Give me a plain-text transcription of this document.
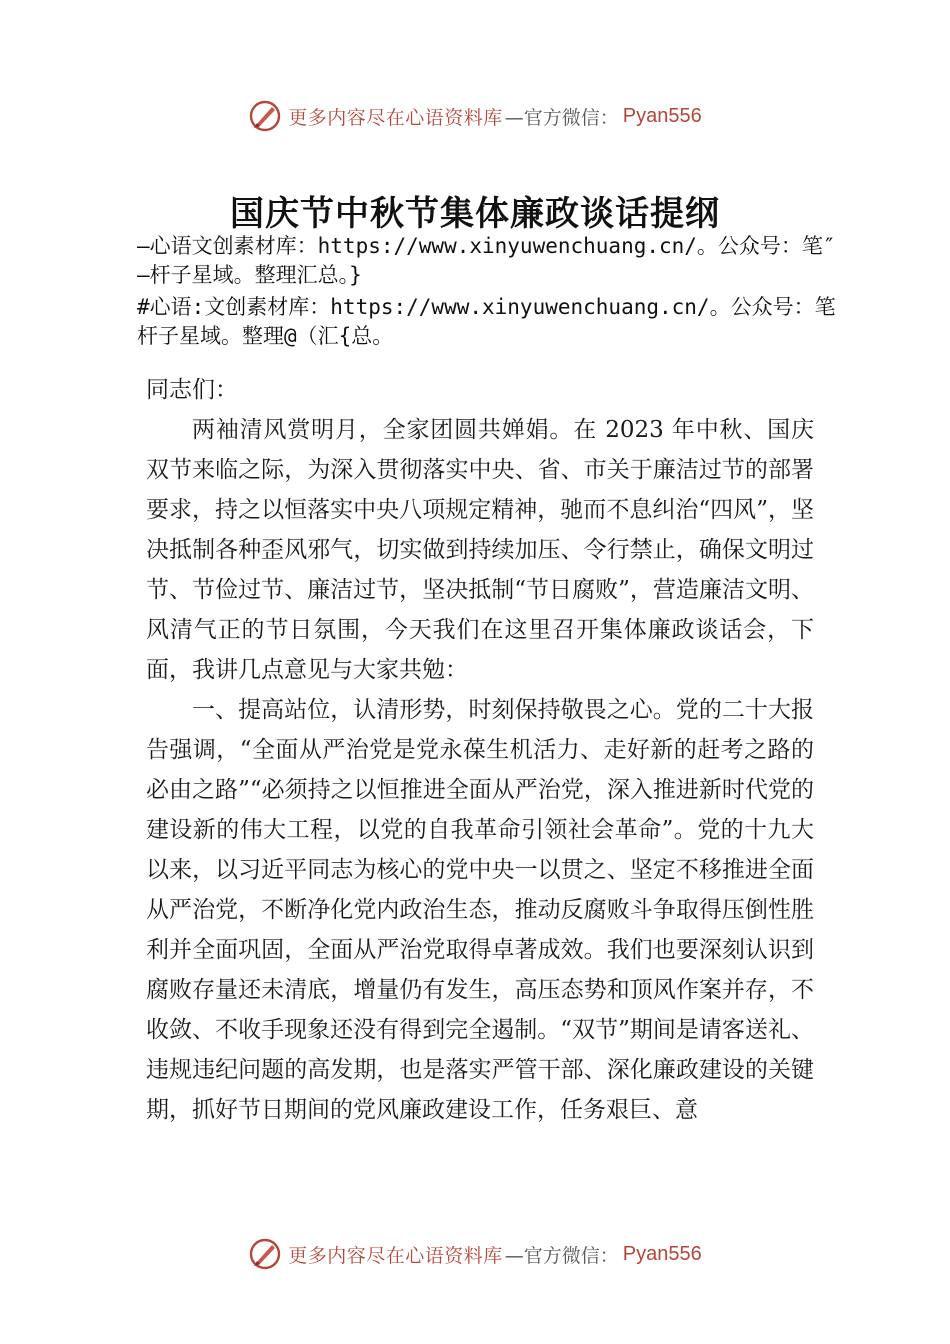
更多内容尽在心语资料库 —官方微信： Pyan556
国庆节中秋节集体廉政谈话提纲

—心语文创素材库：https://www.xinyuwenchuang.cn/。公众号：笔″—杆子星域。整理汇总。}

#心语:文创素材库：https://www.xinyuwenchuang.cn/。公众号：笔杆子星域。整理@（汇{总。

同志们：

两袖清风赏明月，全家团圆共婵娟。在 2023 年中秋、国庆双节来临之际，为深入贯彻落实中央、省、市关于廉洁过节的部署要求，持之以恒落实中央八项规定精神，驰而不息纠治“四风”，坚决抵制各种歪风邪气，切实做到持续加压、令行禁止，确保文明过节、节俭过节、廉洁过节，坚决抵制“节日腐败”，营造廉洁文明、风清气正的节日氛围，今天我们在这里召开集体廉政谈话会，下面，我讲几点意见与大家共勉：

一、提高站位，认清形势，时刻保持敬畏之心。党的二十大报告强调，“全面从严治党是党永葆生机活力、走好新的赶考之路的必由之路”“必须持之以恒推进全面从严治党，深入推进新时代党的建设新的伟大工程，以党的自我革命引领社会革命”。党的十九大以来，以习近平同志为核心的党中央一以贯之、坚定不移推进全面从严治党，不断净化党内政治生态，推动反腐败斗争取得压倒性胜利并全面巩固，全面从严治党取得卓著成效。我们也要深刻认识到腐败存量还未清底，增量仍有发生，高压态势和顶风作案并存，不收敛、不收手现象还没有得到完全遏制。“双节”期间是请客送礼、违规违纪问题的高发期，也是落实严管干部、深化廉政建设的关键期，抓好节日期间的党风廉政建设工作，任务艰巨、意

更多内容尽在心语资料库 —官方微信： Pyan556
